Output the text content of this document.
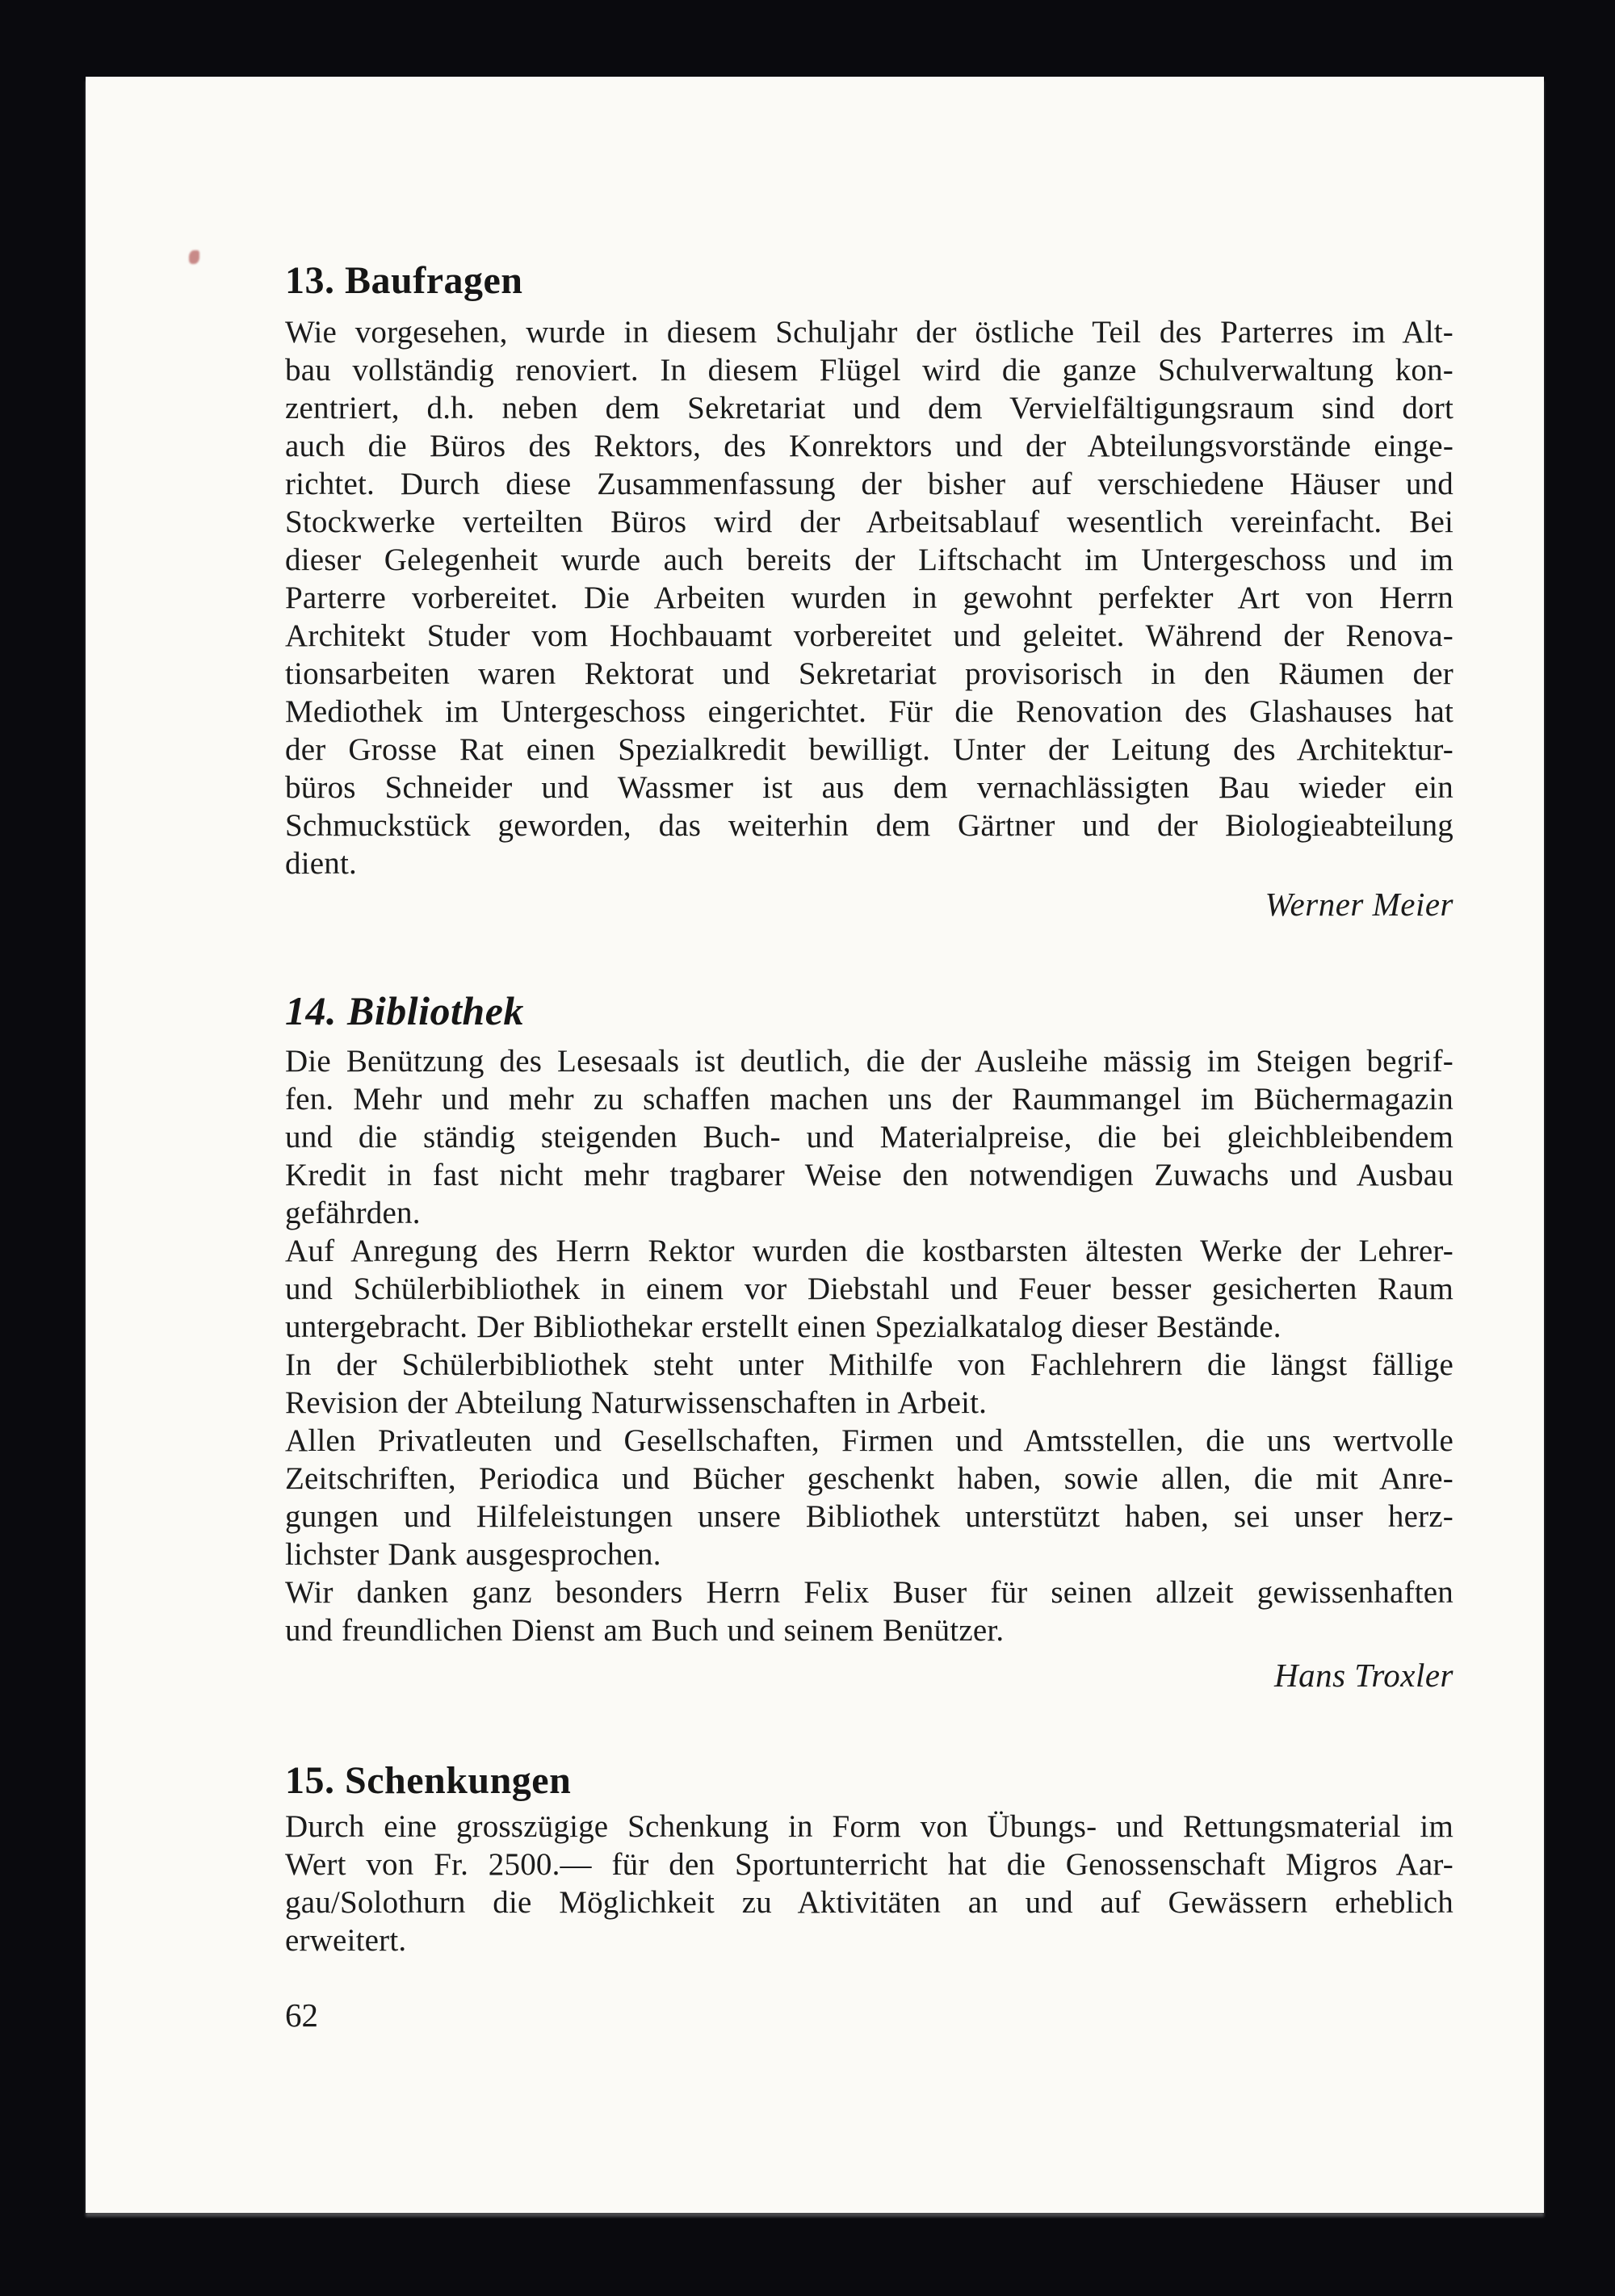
13. Baufragen
Wie vorgesehen, wurde in diesem Schuljahr der östliche Teil des Parterres im Alt-
bau vollständig renoviert. In diesem Flügel wird die ganze Schulverwaltung kon-
zentriert, d.h. neben dem Sekretariat und dem Vervielfältigungsraum sind dort
auch die Büros des Rektors, des Konrektors und der Abteilungsvorstände einge-
richtet. Durch diese Zusammenfassung der bisher auf verschiedene Häuser und
Stockwerke verteilten Büros wird der Arbeitsablauf wesentlich vereinfacht. Bei
dieser Gelegenheit wurde auch bereits der Liftschacht im Untergeschoss und im
Parterre vorbereitet. Die Arbeiten wurden in gewohnt perfekter Art von Herrn
Architekt Studer vom Hochbauamt vorbereitet und geleitet. Während der Renova-
tionsarbeiten waren Rektorat und Sekretariat provisorisch in den Räumen der
Mediothek im Untergeschoss eingerichtet. Für die Renovation des Glashauses hat
der Grosse Rat einen Spezialkredit bewilligt. Unter der Leitung des Architektur-
büros Schneider und Wassmer ist aus dem vernachlässigten Bau wieder ein
Schmuckstück geworden, das weiterhin dem Gärtner und der Biologieabteilung
dient.
Werner Meier
14. Bibliothek
Die Benützung des Lesesaals ist deutlich, die der Ausleihe mässig im Steigen begrif-
fen. Mehr und mehr zu schaffen machen uns der Raummangel im Büchermagazin
und die ständig steigenden Buch- und Materialpreise, die bei gleichbleibendem
Kredit in fast nicht mehr tragbarer Weise den notwendigen Zuwachs und Ausbau
gefährden.
Auf Anregung des Herrn Rektor wurden die kostbarsten ältesten Werke der Lehrer-
und Schülerbibliothek in einem vor Diebstahl und Feuer besser gesicherten Raum
untergebracht. Der Bibliothekar erstellt einen Spezialkatalog dieser Bestände.
In der Schülerbibliothek steht unter Mithilfe von Fachlehrern die längst fällige
Revision der Abteilung Naturwissenschaften in Arbeit.
Allen Privatleuten und Gesellschaften, Firmen und Amtsstellen, die uns wertvolle
Zeitschriften, Periodica und Bücher geschenkt haben, sowie allen, die mit Anre-
gungen und Hilfeleistungen unsere Bibliothek unterstützt haben, sei unser herz-
lichster Dank ausgesprochen.
Wir danken ganz besonders Herrn Felix Buser für seinen allzeit gewissenhaften
und freundlichen Dienst am Buch und seinem Benützer.
Hans Troxler
15. Schenkungen
Durch eine grosszügige Schenkung in Form von Übungs- und Rettungsmaterial im
Wert von Fr. 2500.— für den Sportunterricht hat die Genossenschaft Migros Aar-
gau/Solothurn die Möglichkeit zu Aktivitäten an und auf Gewässern erheblich
erweitert.
62
